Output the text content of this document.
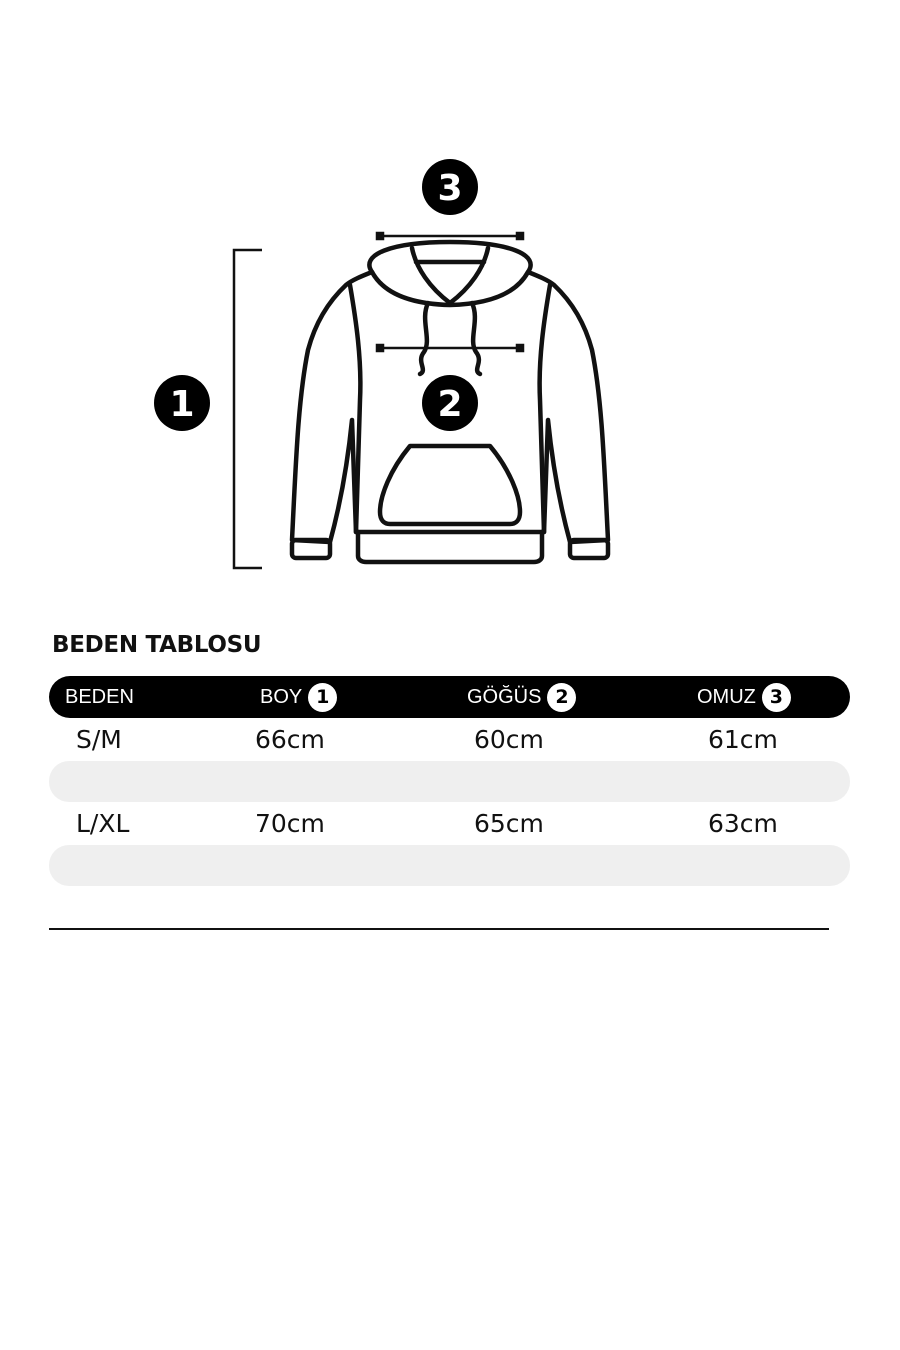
3
2
1
BEDEN TABLOSU
BEDEN	BOY 1	GÖĞÜS 2	OMUZ 3
S/M	66cm	60cm	61cm
L/XL	70cm	65cm	63cm
